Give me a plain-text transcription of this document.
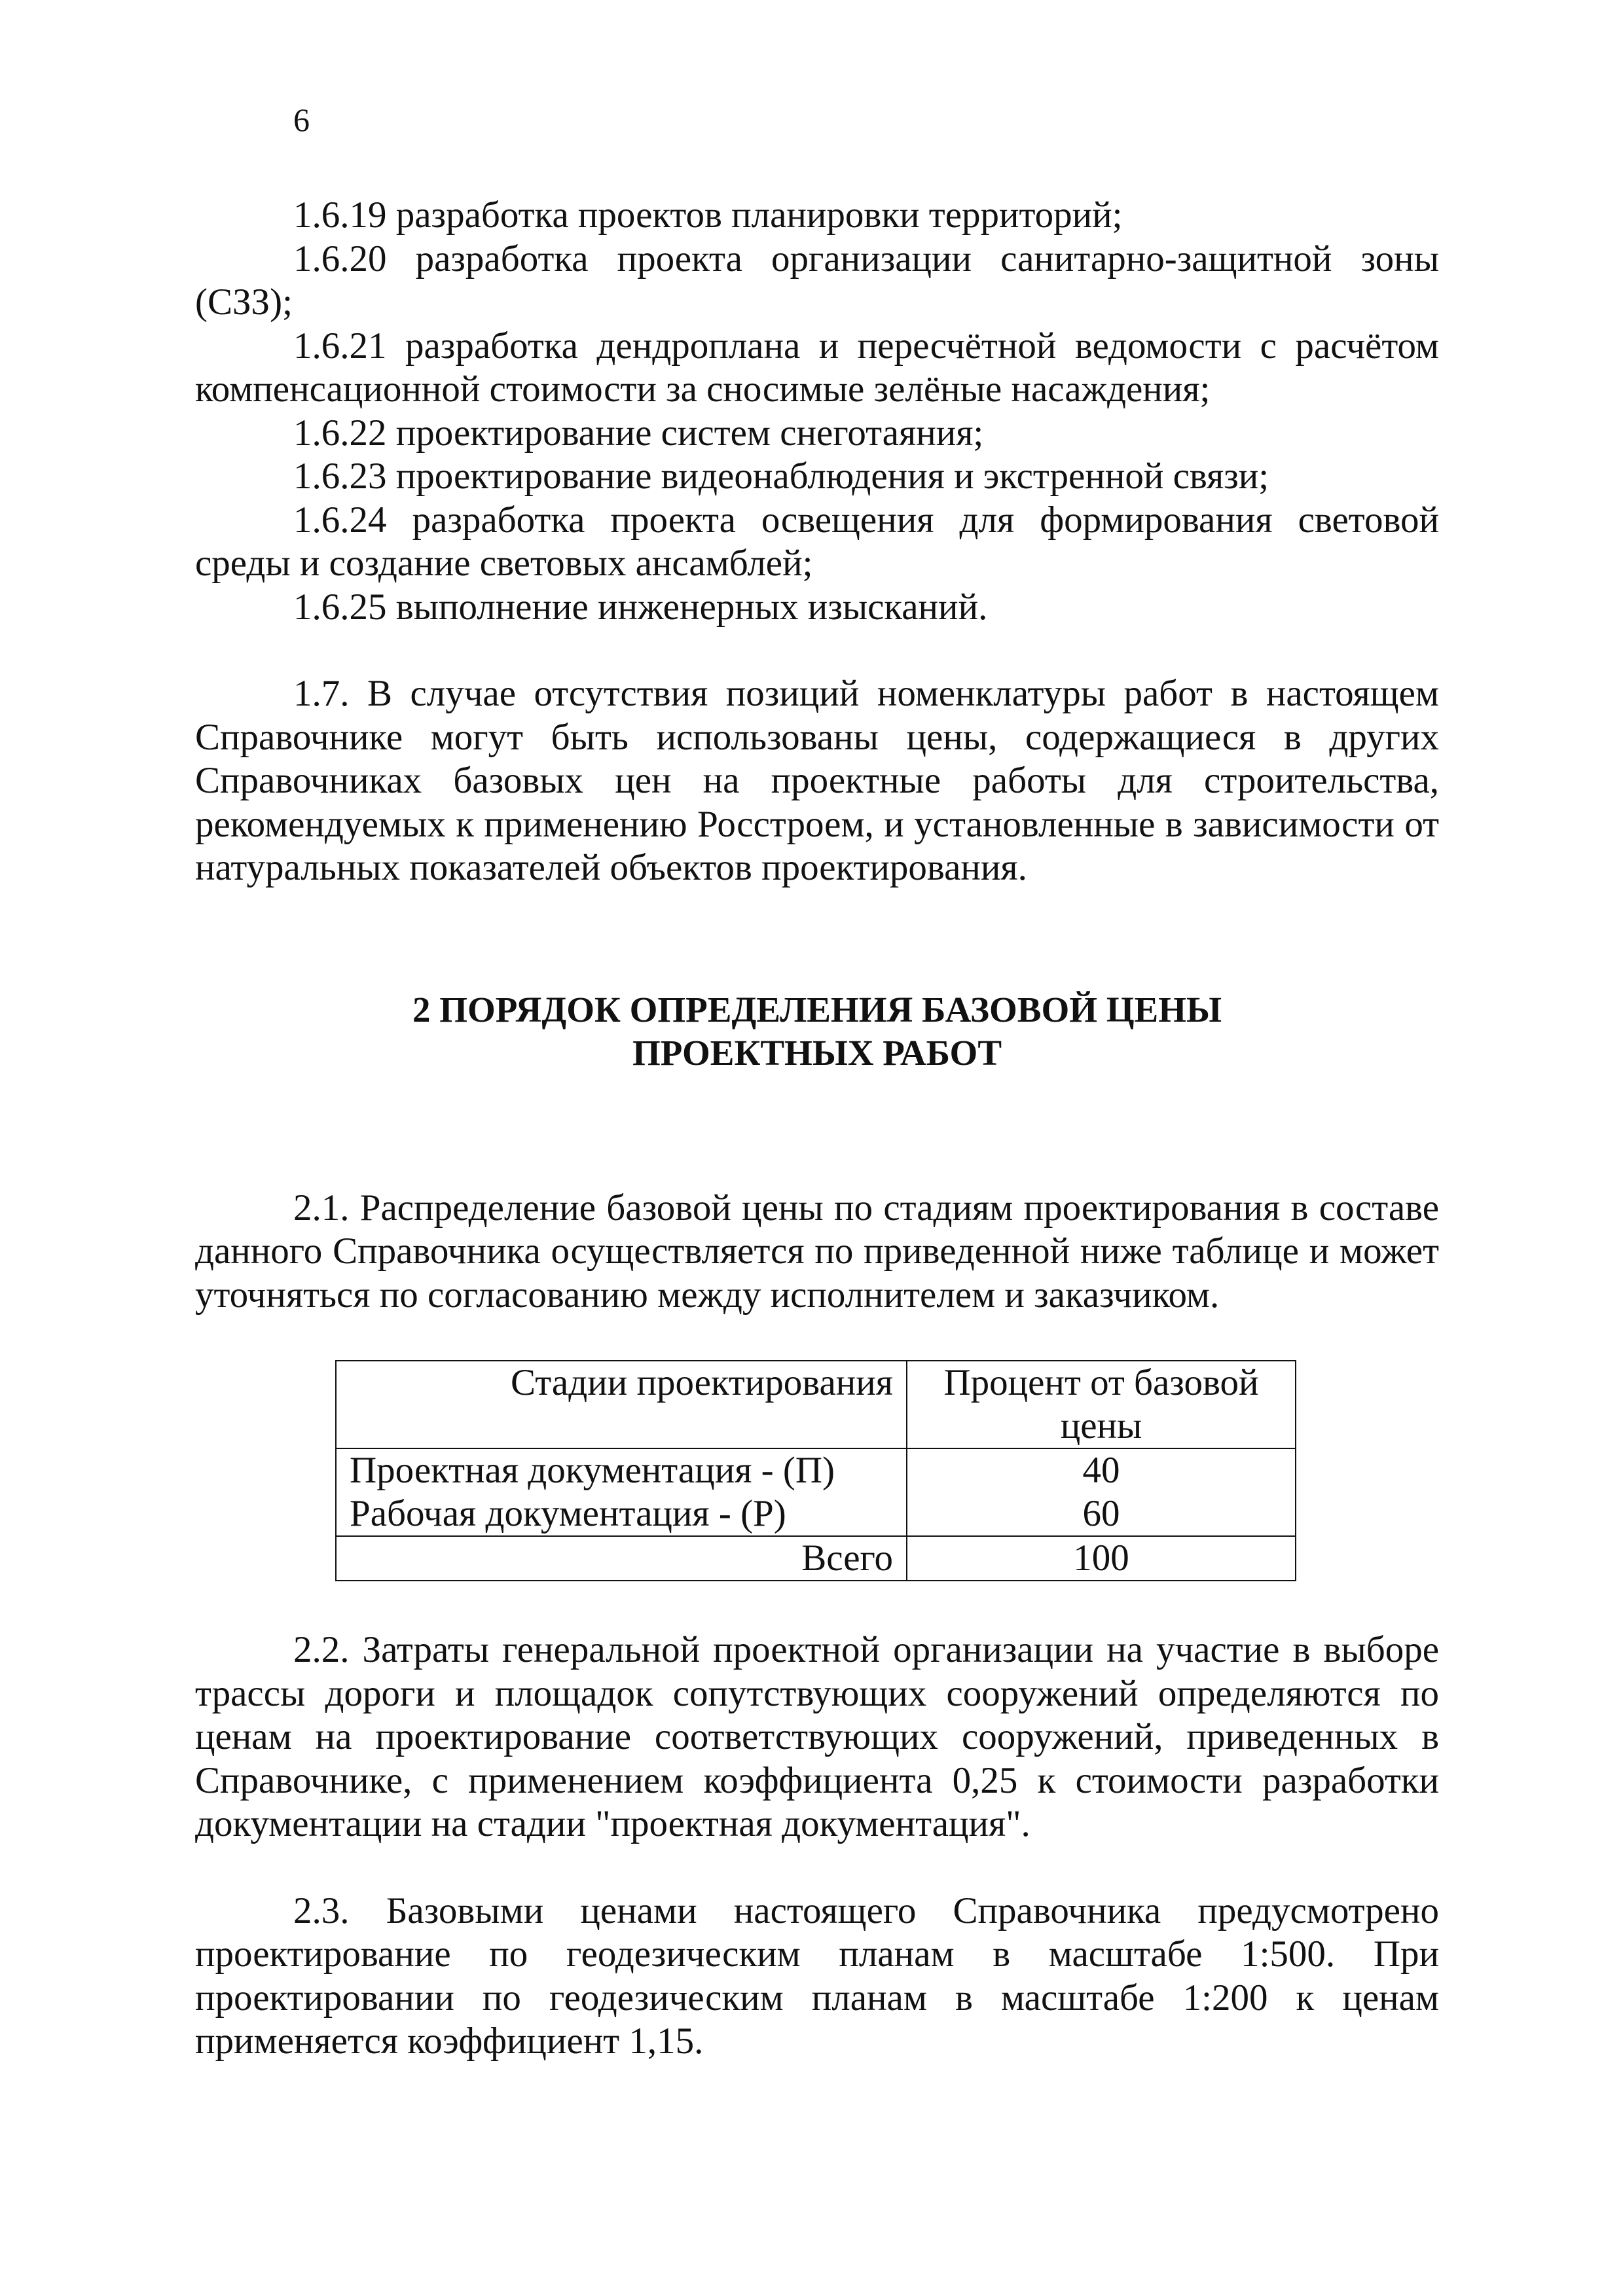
6

1.6.19 разработка проектов планировки территорий;

1.6.20 разработка проекта организации санитарно-защитной зоны (СЗЗ);

1.6.21 разработка дендроплана и пересчётной ведомости с расчётом компенсационной стоимости за сносимые зелёные насаждения;

1.6.22 проектирование систем снеготаяния;

1.6.23 проектирование видеонаблюдения и экстренной связи;

1.6.24 разработка проекта освещения для формирования световой среды и создание световых ансамблей;

1.6.25 выполнение инженерных изысканий.

1.7. В случае отсутствия позиций номенклатуры работ в настоящем Справочнике могут быть использованы цены, содержащиеся в других Справочниках базовых цен на проектные работы для строительства, рекомендуемых к применению Росстроем, и установленные в зависимости от натуральных показателей объектов проектирования.

2 ПОРЯДОК ОПРЕДЕЛЕНИЯ БАЗОВОЙ ЦЕНЫ

ПРОЕКТНЫХ РАБОТ

2.1. Распределение базовой цены по стадиям проектирования в составе данного Справочника осуществляется по приведенной ниже таблице и может уточняться по согласованию между исполнителем и заказчиком.

Стадии проектирования	Процент от базовой цены
Проектная документация - (П)	40
Рабочая документация - (Р)	60
Всего	100

2.2. Затраты генеральной проектной организации на участие в выборе трассы дороги и площадок сопутствующих сооружений определяются по ценам на проектирование соответствующих сооружений, приведенных в Справочнике, с применением коэффициента 0,25 к стоимости разработки документации на стадии "проектная документация".

2.3. Базовыми ценами настоящего Справочника предусмотрено проектирование по геодезическим планам в масштабе 1:500. При проектировании по геодезическим планам в масштабе 1:200 к ценам применяется коэффициент 1,15.
